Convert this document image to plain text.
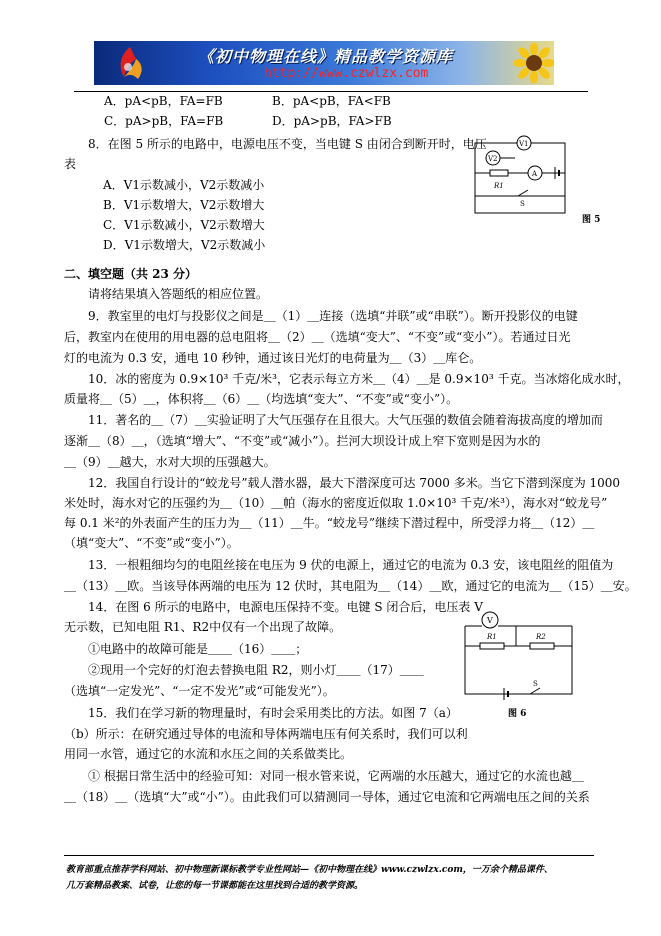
《初中物理在线》精品教学资源库
http://www.czwlzx.com
A．pA<pB，FA=FB	B．pA<pB，FA<FB
C．pA>pB，FA=FB	D．pA>pB，FA>FB
8．在图 5 所示的电路中，电源电压不变，当电键 S 由闭合到断开时，电压
表
A．V1示数减小，V2示数减小
B．V1示数增大，V2示数增大
C．V1示数减小，V2示数增大
D．V1示数增大，V2示数减小
V1
V2
A
R1
S
图 5
二、填空题（共 23 分）
请将结果填入答题纸的相应位置。
9．教室里的电灯与投影仪之间是＿（1）＿连接（选填“并联”或“串联”）。断开投影仪的电键
后，教室内在使用的用电器的总电阻将＿（2）＿（选填“变大”、“不变”或“变小”）。若通过日光
灯的电流为 0.3 安，通电 10 秒钟，通过该日光灯的电荷量为＿（3）＿库仑。
10．冰的密度为 0.9×10³ 千克/米³，它表示每立方米＿（4）＿是 0.9×10³ 千克。当冰熔化成水时，
质量将＿（5）＿，体积将＿（6）＿（均选填“变大”、“不变”或“变小”）。
11．著名的＿（7）＿实验证明了大气压强存在且很大。大气压强的数值会随着海拔高度的增加而
逐渐＿（8）＿，（选填“增大”、“不变”或“减小”）。拦河大坝设计成上窄下宽则是因为水的
＿（9）＿越大，水对大坝的压强越大。
12．我国自行设计的“蛟龙号”载人潜水器，最大下潜深度可达 7000 多米。当它下潜到深度为 1000
米处时，海水对它的压强约为＿（10）＿帕（海水的密度近似取 1.0×10³ 千克/米³），海水对“蛟龙号”
每 0.1 米²的外表面产生的压力为＿（11）＿牛。“蛟龙号”继续下潜过程中，所受浮力将＿（12）＿
（填“变大”、“不变”或“变小”）。
13．一根粗细均匀的电阻丝接在电压为 9 伏的电源上，通过它的电流为 0.3 安，该电阻丝的阻值为
＿（13）＿欧。当该导体两端的电压为 12 伏时，其电阻为＿（14）＿欧，通过它的电流为＿（15）＿安。
14．在图 6 所示的电路中，电源电压保持不变。电键 S 闭合后，电压表 V
无示数，已知电阻 R1、R2中仅有一个出现了故障。
①电路中的故障可能是＿＿（16）＿＿；
②现用一个完好的灯泡去替换电阻 R2，则小灯＿＿（17）＿＿
（选填“一定发光”、“一定不发光”或“可能发光”）。
V
R1	R2
S
图 6
15．我们在学习新的物理量时，有时会采用类比的方法。如图 7（a）
（b）所示：在研究通过导体的电流和导体两端电压有何关系时，我们可以利
用同一水管，通过它的水流和水压之间的关系做类比。
① 根据日常生活中的经验可知：对同一根水管来说，它两端的水压越大，通过它的水流也越＿
＿（18）＿（选填“大”或“小”）。由此我们可以猜测同一导体，通过它电流和它两端电压之间的关系
教育部重点推荐学科网站、初中物理新课标教学专业性网站—《初中物理在线》www.czwlzx.com，一万余个精品课件、
几万套精品教案、试卷，让您的每一节课都能在这里找到合适的教学资源。
